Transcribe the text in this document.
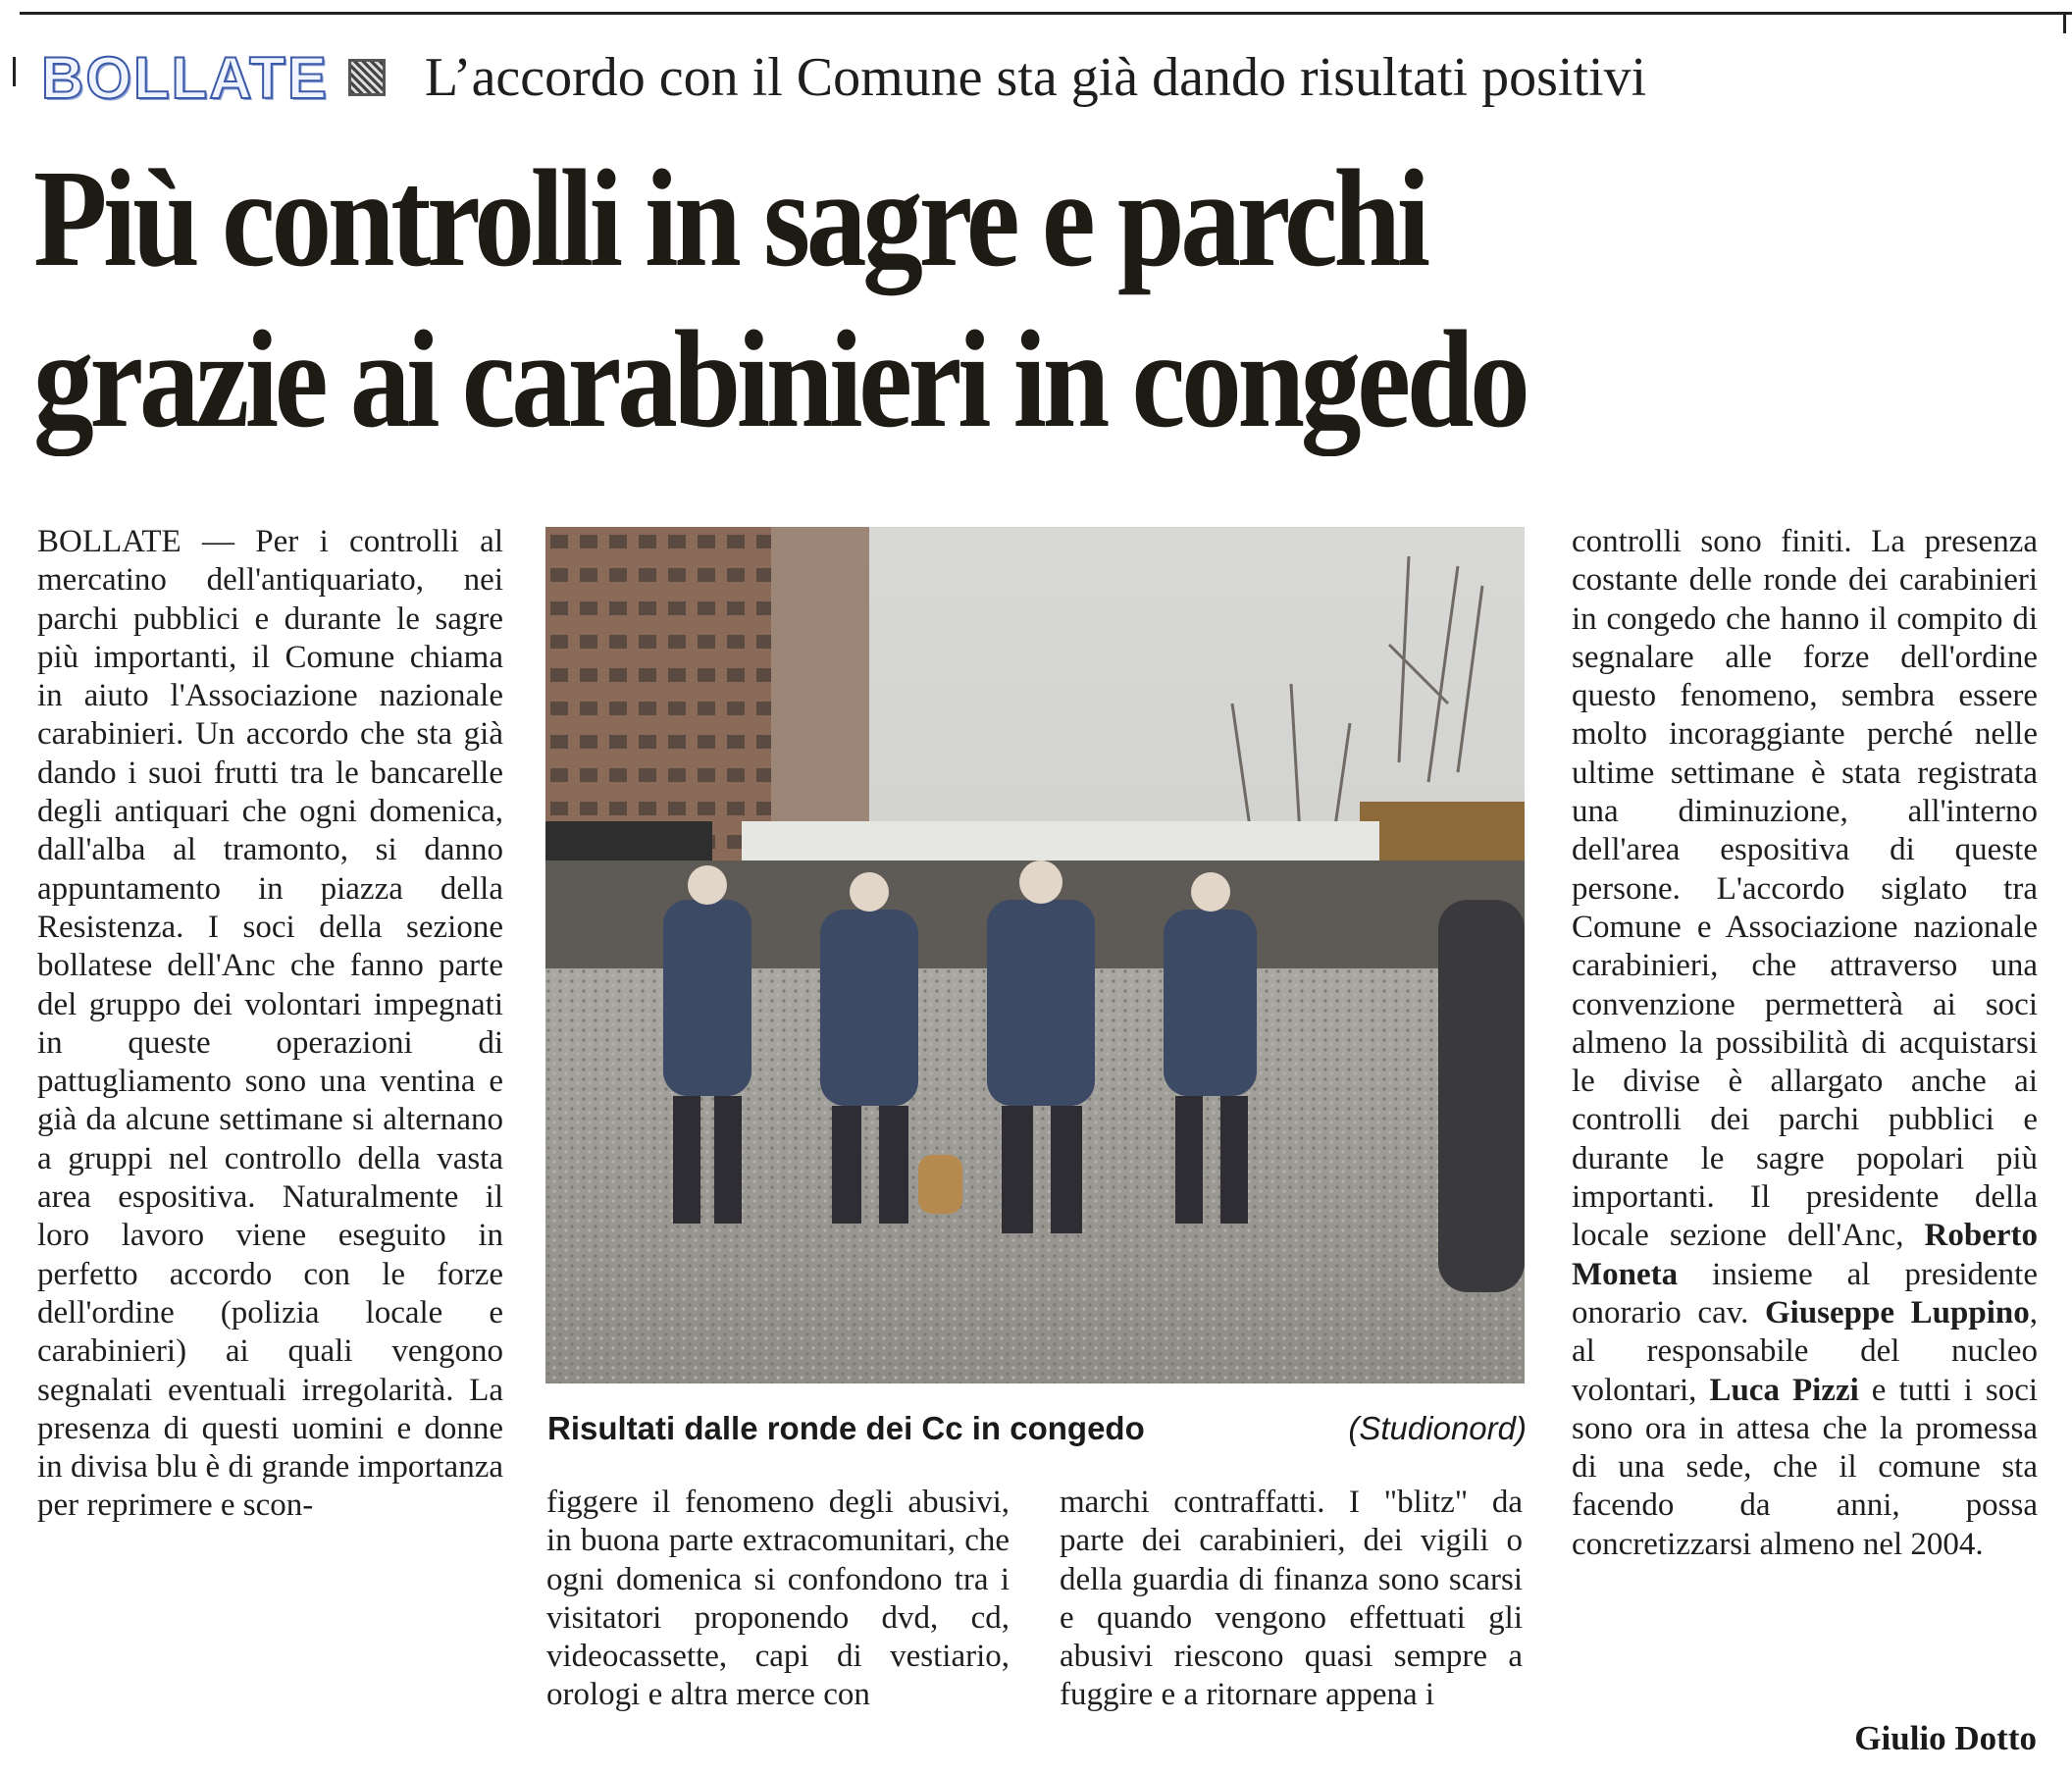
BOLLATE L’accordo con il Comune sta già dando risultati positivi
Più controlli in sagre e parchi
grazie ai carabinieri in congedo
BOLLATE — Per i controlli al mercatino dell'antiquariato, nei parchi pubblici e durante le sagre più importanti, il Comune chiama in aiuto l'Associazione nazionale carabinieri. Un accordo che sta già dando i suoi frutti tra le bancarelle degli antiquari che ogni domenica, dall'alba al tramonto, si danno appuntamento in piazza della Resistenza. I soci della sezione bollatese dell'Anc che fanno parte del gruppo dei volontari impegnati in queste operazioni di pattugliamento sono una ventina e già da alcune settimane si alternano a gruppi nel controllo della vasta area espositiva. Naturalmente il loro lavoro viene eseguito in perfetto accordo con le forze dell'ordine (polizia locale e carabinieri) ai quali vengono segnalati eventuali irregolarità. La presenza di questi uomini e donne in divisa blu è di grande importanza per reprimere e scon-
Risultati dalle ronde dei Cc in congedo	(Studionord)
figgere il fenomeno degli abusivi, in buona parte extracomunitari, che ogni domenica si confondono tra i visitatori proponendo dvd, cd, videocassette, capi di vestiario, orologi e altra merce con
marchi contraffatti. I "blitz" da parte dei carabinieri, dei vigili o della guardia di finanza sono scarsi e quando vengono effettuati gli abusivi riescono quasi sempre a fuggire e a ritornare appena i
controlli sono finiti. La presenza costante delle ronde dei carabinieri in congedo che hanno il compito di segnalare alle forze dell'ordine questo fenomeno, sembra essere molto incoraggiante perché nelle ultime settimane è stata registrata una diminuzione, all'interno dell'area espositiva di queste persone. L'accordo siglato tra Comune e Associazione nazionale carabinieri, che attraverso una convenzione permetterà ai soci almeno la possibilità di acquistarsi le divise è allargato anche ai controlli dei parchi pubblici e durante le sagre popolari più importanti. Il presidente della locale sezione dell'Anc, Roberto Moneta insieme al presidente onorario cav. Giuseppe Luppino, al responsabile del nucleo volontari, Luca Pizzi e tutti i soci sono ora in attesa che la promessa di una sede, che il comune sta facendo da anni, possa concretizzarsi almeno nel 2004.
Giulio Dotto
